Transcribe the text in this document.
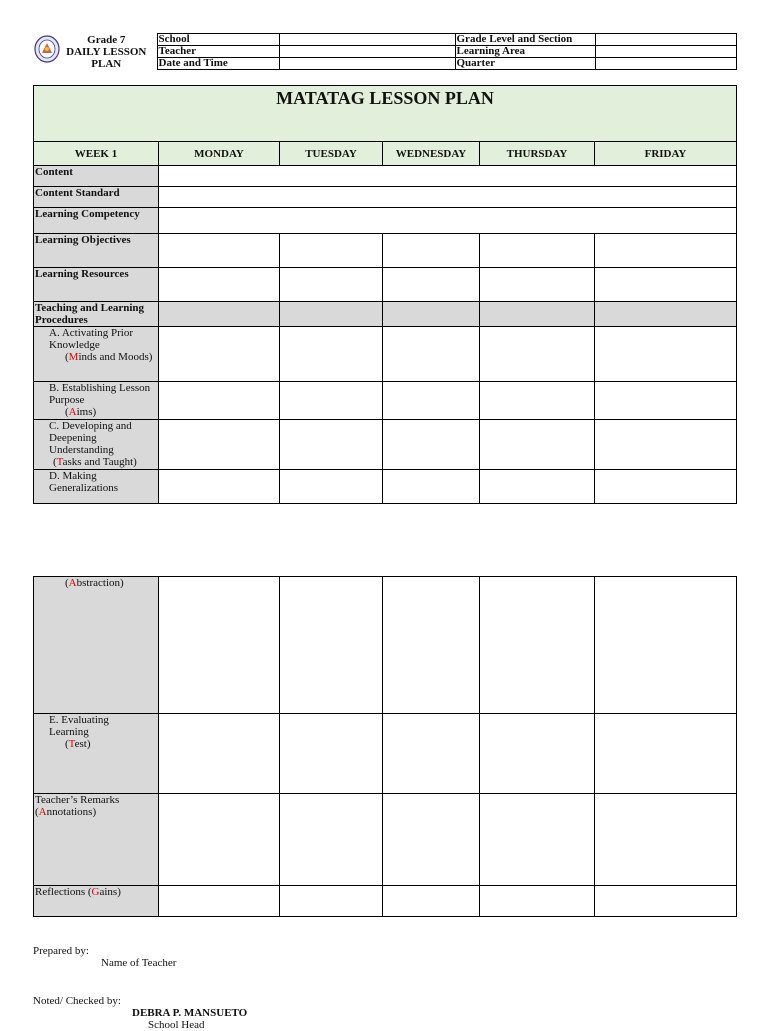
Grade 7
DAILY LESSON
PLAN	School		Grade Level and Section	
	Teacher		Learning Area	
	Date and Time		Quarter	
MATATAG LESSON PLAN					
WEEK 1	MONDAY	TUESDAY	WEDNESDAY	THURSDAY	FRIDAY
Content					
Content Standard					
Learning Competency					
Learning Objectives					
Learning Resources					
Teaching and Learning Procedures					

A. Activating Prior
Knowledge
(Minds and Moods)					

B. Establishing Lesson
Purpose
(Aims)					

C. Developing and
Deepening
Understanding
(Tasks and Taught)					

D. Making
Generalizations					

(Abstraction)					

E. Evaluating
Learning
(Test)					

Teacher’s Remarks
(Annotations)					

Reflections (Gains)					
Prepared by:
Name of Teacher
Noted/ Checked by:
DEBRA P. MANSUETO
School Head
